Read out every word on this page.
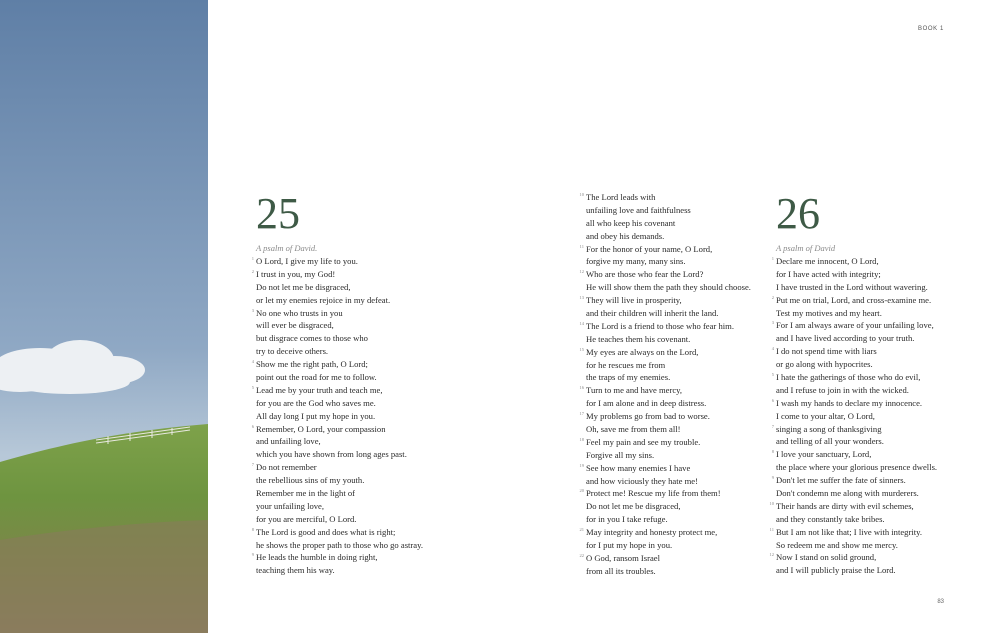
BOOK 1
25
A psalm of David.
1 O Lord, I give my life to you.
2 I trust in you, my God!
Do not let me be disgraced,
or let my enemies rejoice in my defeat.
3 No one who trusts in you
will ever be disgraced,
but disgrace comes to those who
try to deceive others.
4 Show me the right path, O Lord;
point out the road for me to follow.
5 Lead me by your truth and teach me,
for you are the God who saves me.
All day long I put my hope in you.
6 Remember, O Lord, your compassion
and unfailing love,
which you have shown from long ages past.
7 Do not remember
the rebellious sins of my youth.
Remember me in the light of
your unfailing love,
for you are merciful, O Lord.
8 The Lord is good and does what is right;
he shows the proper path to those who go astray.
9 He leads the humble in doing right,
teaching them his way.
10 The Lord leads with
unfailing love and faithfulness
all who keep his covenant
and obey his demands.
11 For the honor of your name, O Lord,
forgive my many, many sins.
12 Who are those who fear the Lord?
He will show them the path they should choose.
13 They will live in prosperity,
and their children will inherit the land.
14 The Lord is a friend to those who fear him.
He teaches them his covenant.
15 My eyes are always on the Lord,
for he rescues me from
the traps of my enemies.
16 Turn to me and have mercy,
for I am alone and in deep distress.
17 My problems go from bad to worse.
Oh, save me from them all!
18 Feel my pain and see my trouble.
Forgive all my sins.
19 See how many enemies I have
and how viciously they hate me!
20 Protect me! Rescue my life from them!
Do not let me be disgraced,
for in you I take refuge.
21 May integrity and honesty protect me,
for I put my hope in you.
22 O God, ransom Israel
from all its troubles.
26
A psalm of David
1 Declare me innocent, O Lord,
for I have acted with integrity;
I have trusted in the Lord without wavering.
2 Put me on trial, Lord, and cross-examine me.
Test my motives and my heart.
3 For I am always aware of your unfailing love,
and I have lived according to your truth.
4 I do not spend time with liars
or go along with hypocrites.
5 I hate the gatherings of those who do evil,
and I refuse to join in with the wicked.
6 I wash my hands to declare my innocence.
I come to your altar, O Lord,
7 singing a song of thanksgiving
and telling of all your wonders.
8 I love your sanctuary, Lord,
the place where your glorious presence dwells.
9 Don't let me suffer the fate of sinners.
Don't condemn me along with murderers.
10 Their hands are dirty with evil schemes,
and they constantly take bribes.
11 But I am not like that; I live with integrity.
So redeem me and show me mercy.
12 Now I stand on solid ground,
and I will publicly praise the Lord.
83
